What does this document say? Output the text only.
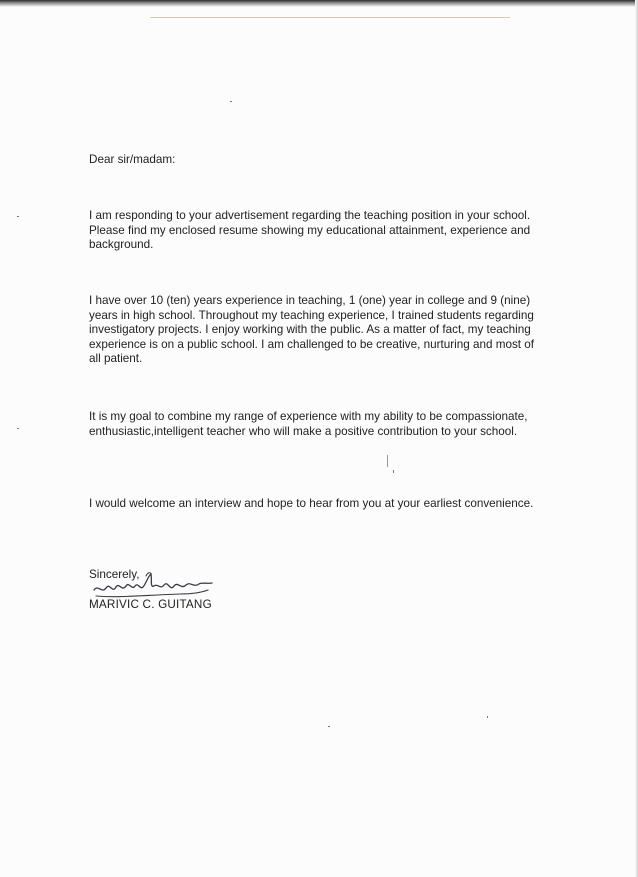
Dear sir/madam:

I am responding to your advertisement regarding the teaching position in your school. Please find my enclosed resume showing my educational attainment, experience and background.

I have over 10 (ten) years experience in teaching, 1 (one) year in college and 9 (nine) years in high school. Throughout my teaching experience, I trained students regarding investigatory projects. I enjoy working with the public. As a matter of fact, my teaching experience is on a public school. I am challenged to be creative, nurturing and most of all patient.

It is my goal to combine my range of experience with my ability to be compassionate, enthusiastic,intelligent teacher who will make a positive contribution to your school.

I would welcome an interview and hope to hear from you at your earliest convenience.

Sincerely,

MARIVIC C. GUITANG
